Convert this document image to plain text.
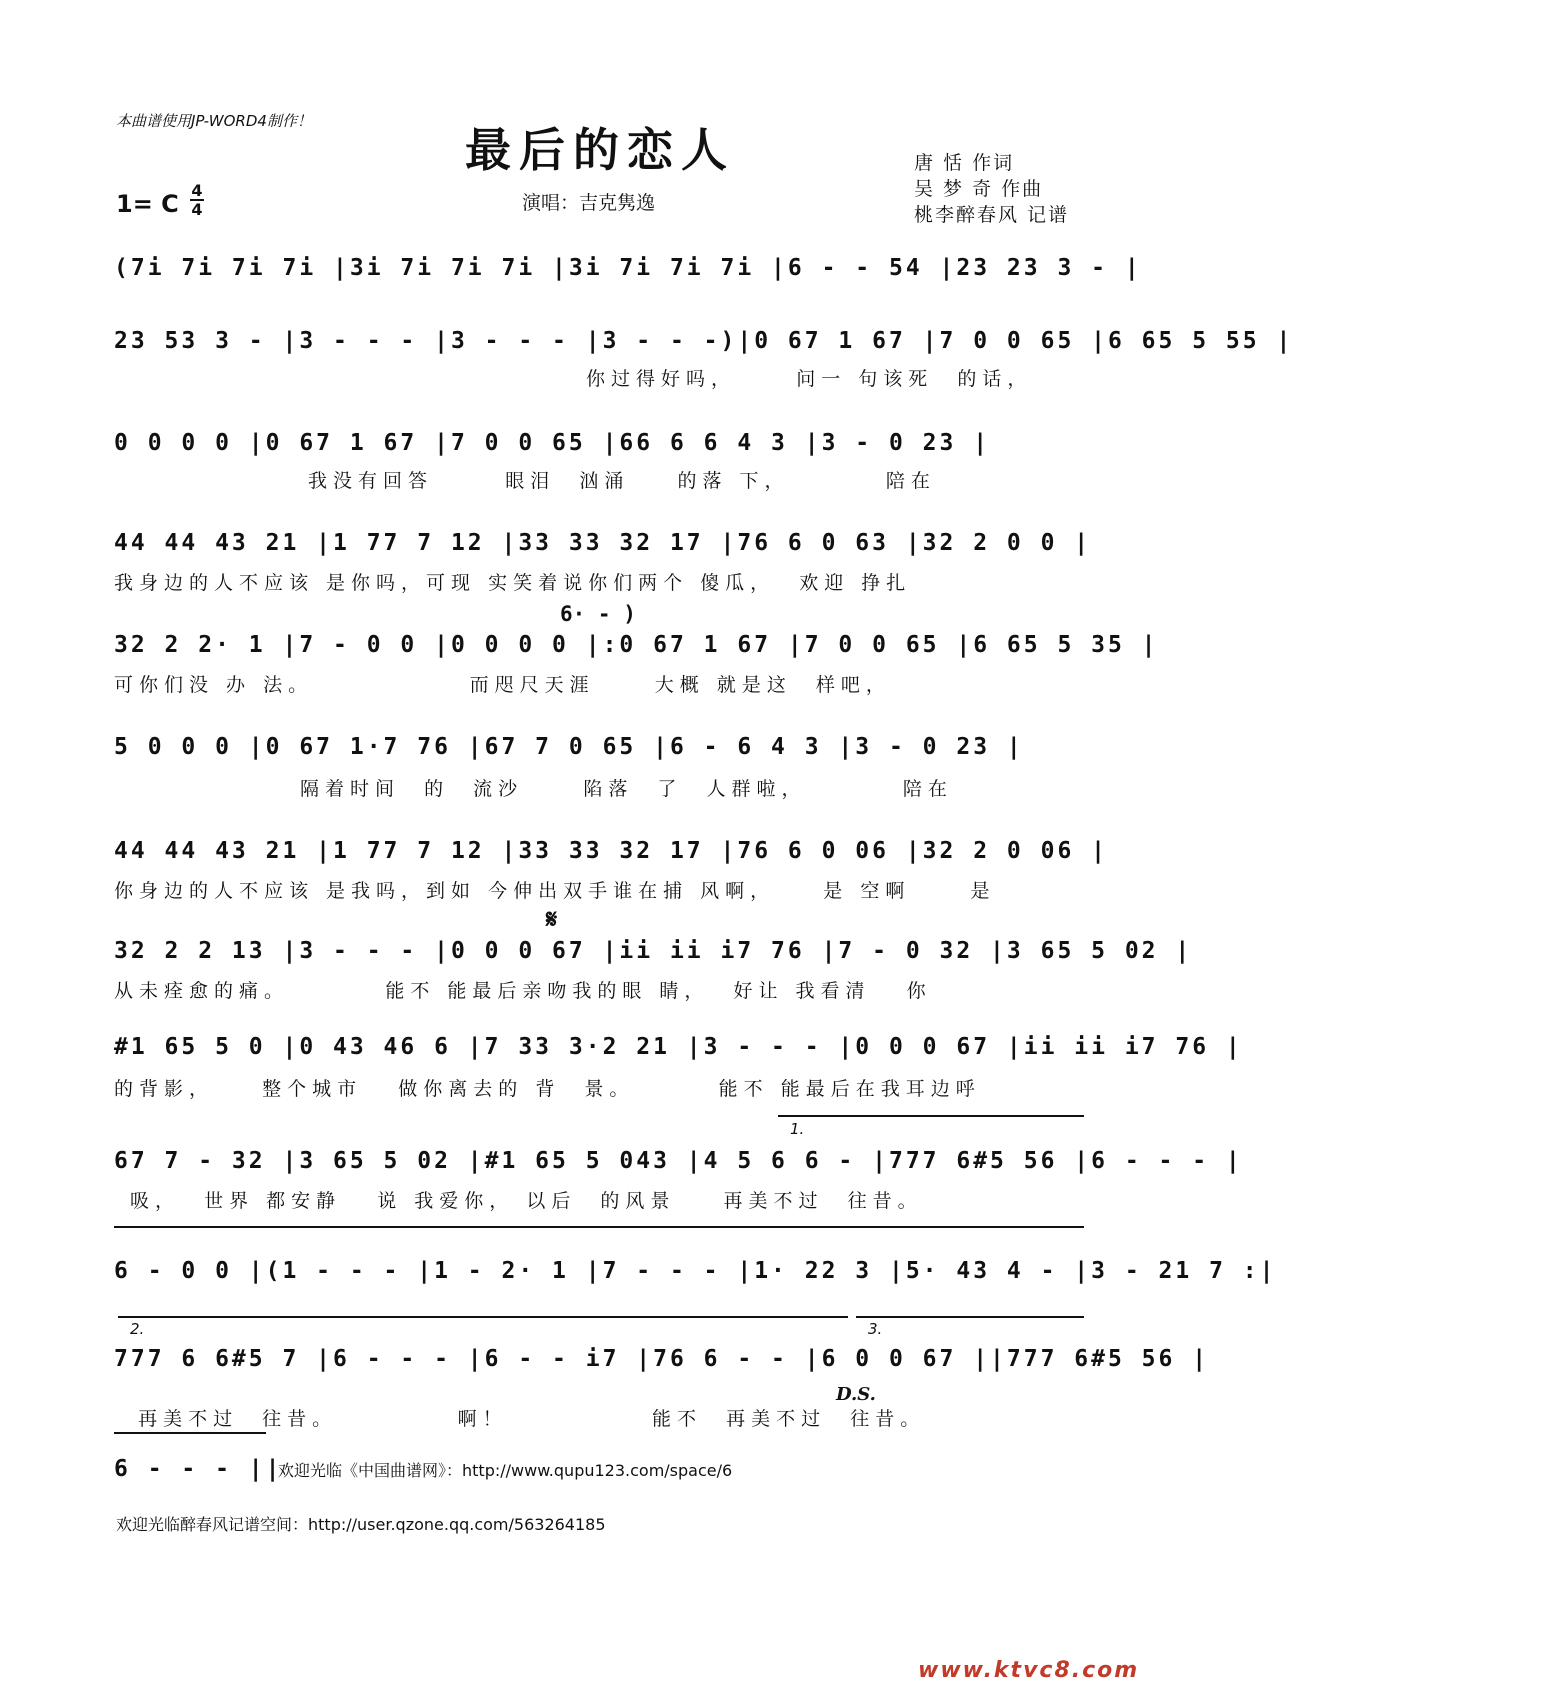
本曲谱使用JP-WORD4制作！
最后的恋人	唐 恬 作词
吴 梦 奇 作曲
桃李醉春风 记谱
演唱：吉克隽逸
1= C 4
4
(7i 7i 7i 7i |3i 7i 7i 7i |3i 7i 7i 7i |6 - - 54 |23 23 3 - |
23 53 3 - |3 - - - |3 - - - |3 - - -)|0 67 1 67 |7 0 0 65 |6 65 5 55 |
你过得好吗，     问一 句该死  的话，
0 0 0 0 |0 67 1 67 |7 0 0 65 |66 6 6 4 3 |3 - 0 23 |
我没有回答      眼泪  汹涌    的落 下，        陪在
44 44 43 21 |1 77 7 12 |33 33 32 17 |76 6 0 63 |32 2 0 0 |
我身边的人不应该 是你吗，可现 实笑着说你们两个 傻瓜，  欢迎 挣扎
6· - )
32 2 2· 1 |7 - 0 0 |0 0 0 0 |:0 67 1 67 |7 0 0 65 |6 65 5 35 |
可你们没 办 法。             而咫尺天涯     大概 就是这  样吧，
5 0 0 0 |0 67 1·7 76 |67 7 0 65 |6 - 6 4 3 |3 - 0 23 |
隔着时间  的  流沙     陷落  了  人群啦，        陪在
44 44 43 21 |1 77 7 12 |33 33 32 17 |76 6 0 06 |32 2 0 06 |
你身边的人不应该 是我吗，到如 今伸出双手谁在捕 风啊，    是 空啊     是
𝄋
32 2 2 13 |3 - - - |0 0 0 67 |ii ii i7 76 |7 - 0 32 |3 65 5 02 |
从未痊愈的痛。        能不 能最后亲吻我的眼 睛，  好让 我看清   你
#1 65 5 0 |0 43 46 6 |7 33 3·2 21 |3 - - - |0 0 0 67 |ii ii i7 76 |
的背影，    整个城市   做你离去的 背  景。       能不 能最后在我耳边呼
1.
67 7 - 32 |3 65 5 02 |#1 65 5 043 |4 5 6 6 - |777 6#5 56 |6 - - - |
吸，  世界 都安静   说 我爱你， 以后  的风景    再美不过  往昔。
6 - 0 0 |(1 - - - |1 - 2· 1 |7 - - - |1· 22 3 |5· 43 4 - |3 - 21 7 :|
2.	3.
777 6 6#5 7 |6 - - - |6 - - i7 |76 6 - - |6 0 0 67 ||777 6#5 56 |

再美不过  往昔。          啊！            能不  再美不过  往昔。

D.S.
6 - - - ||
欢迎光临《中国曲谱网》：http://www.qupu123.com/space/6
欢迎光临醉春风记谱空间：http://user.qzone.qq.com/563264185
www.ktvc8.com
